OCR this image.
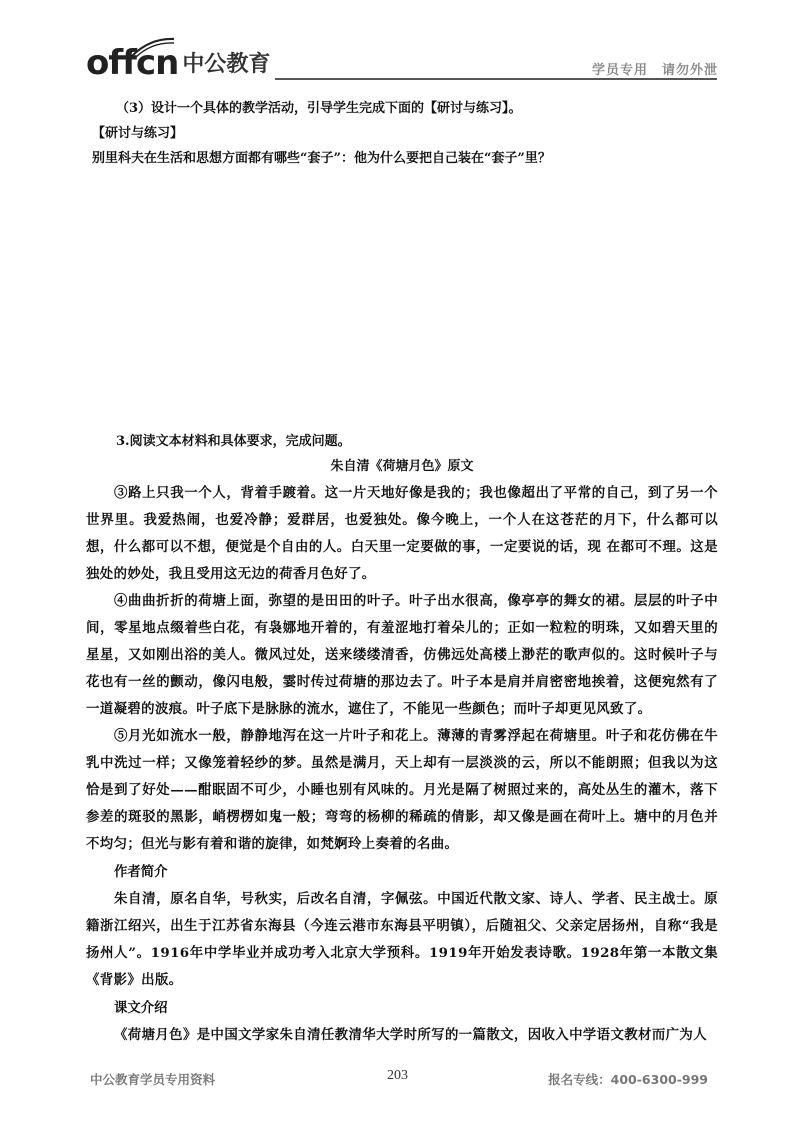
offcn 中公教育	学员专用　请勿外泄

（3）设计一个具体的教学活动，引导学生完成下面的【研讨与练习】。

【研讨与练习】

别里科夫在生活和思想方面都有哪些“套子”：他为什么要把自己装在“套子”里？

3.阅读文本材料和具体要求，完成问题。

朱自清《荷塘月色》原文

③路上只我一个人，背着手踱着。这一片天地好像是我的；我也像超出了平常的自己，到了另一个世界里。我爱热闹，也爱冷静；爱群居，也爱独处。像今晚上，一个人在这苍茫的月下，什么都可以想，什么都可以不想，便觉是个自由的人。白天里一定要做的事，一定要说的话，现 在都可不理。这是独处的妙处，我且受用这无边的荷香月色好了。

④曲曲折折的荷塘上面，弥望的是田田的叶子。叶子出水很高，像亭亭的舞女的裙。层层的叶子中间，零星地点缀着些白花，有袅娜地开着的，有羞涩地打着朵儿的；正如一粒粒的明珠，又如碧天里的星星，又如刚出浴的美人。微风过处，送来缕缕清香，仿佛远处高楼上渺茫的歌声似的。这时候叶子与花也有一丝的颤动，像闪电般，霎时传过荷塘的那边去了。叶子本是肩并肩密密地挨着，这便宛然有了一道凝碧的波痕。叶子底下是脉脉的流水，遮住了，不能见一些颜色；而叶子却更见风致了。

⑤月光如流水一般，静静地泻在这一片叶子和花上。薄薄的青雾浮起在荷塘里。叶子和花仿佛在牛乳中洗过一样；又像笼着轻纱的梦。虽然是满月，天上却有一层淡淡的云，所以不能朗照；但我以为这恰是到了好处——酣眠固不可少，小睡也别有风味的。月光是隔了树照过来的，高处丛生的灌木，落下参差的斑驳的黑影，峭楞楞如鬼一般；弯弯的杨柳的稀疏的倩影，却又像是画在荷叶上。塘中的月色并不均匀；但光与影有着和谐的旋律，如梵婀玲上奏着的名曲。

作者简介

朱自清，原名自华，号秋实，后改名自清，字佩弦。中国近代散文家、诗人、学者、民主战士。原籍浙江绍兴，出生于江苏省东海县（今连云港市东海县平明镇），后随祖父、父亲定居扬州，自称“我是扬州人”。1916年中学毕业并成功考入北京大学预科。1919年开始发表诗歌。1928年第一本散文集《背影》出版。

课文介绍

《荷塘月色》是中国文学家朱自清任教清华大学时所写的一篇散文，因收入中学语文教材而广为人

中公教育学员专用资料	203	报名专线：400-6300-999
